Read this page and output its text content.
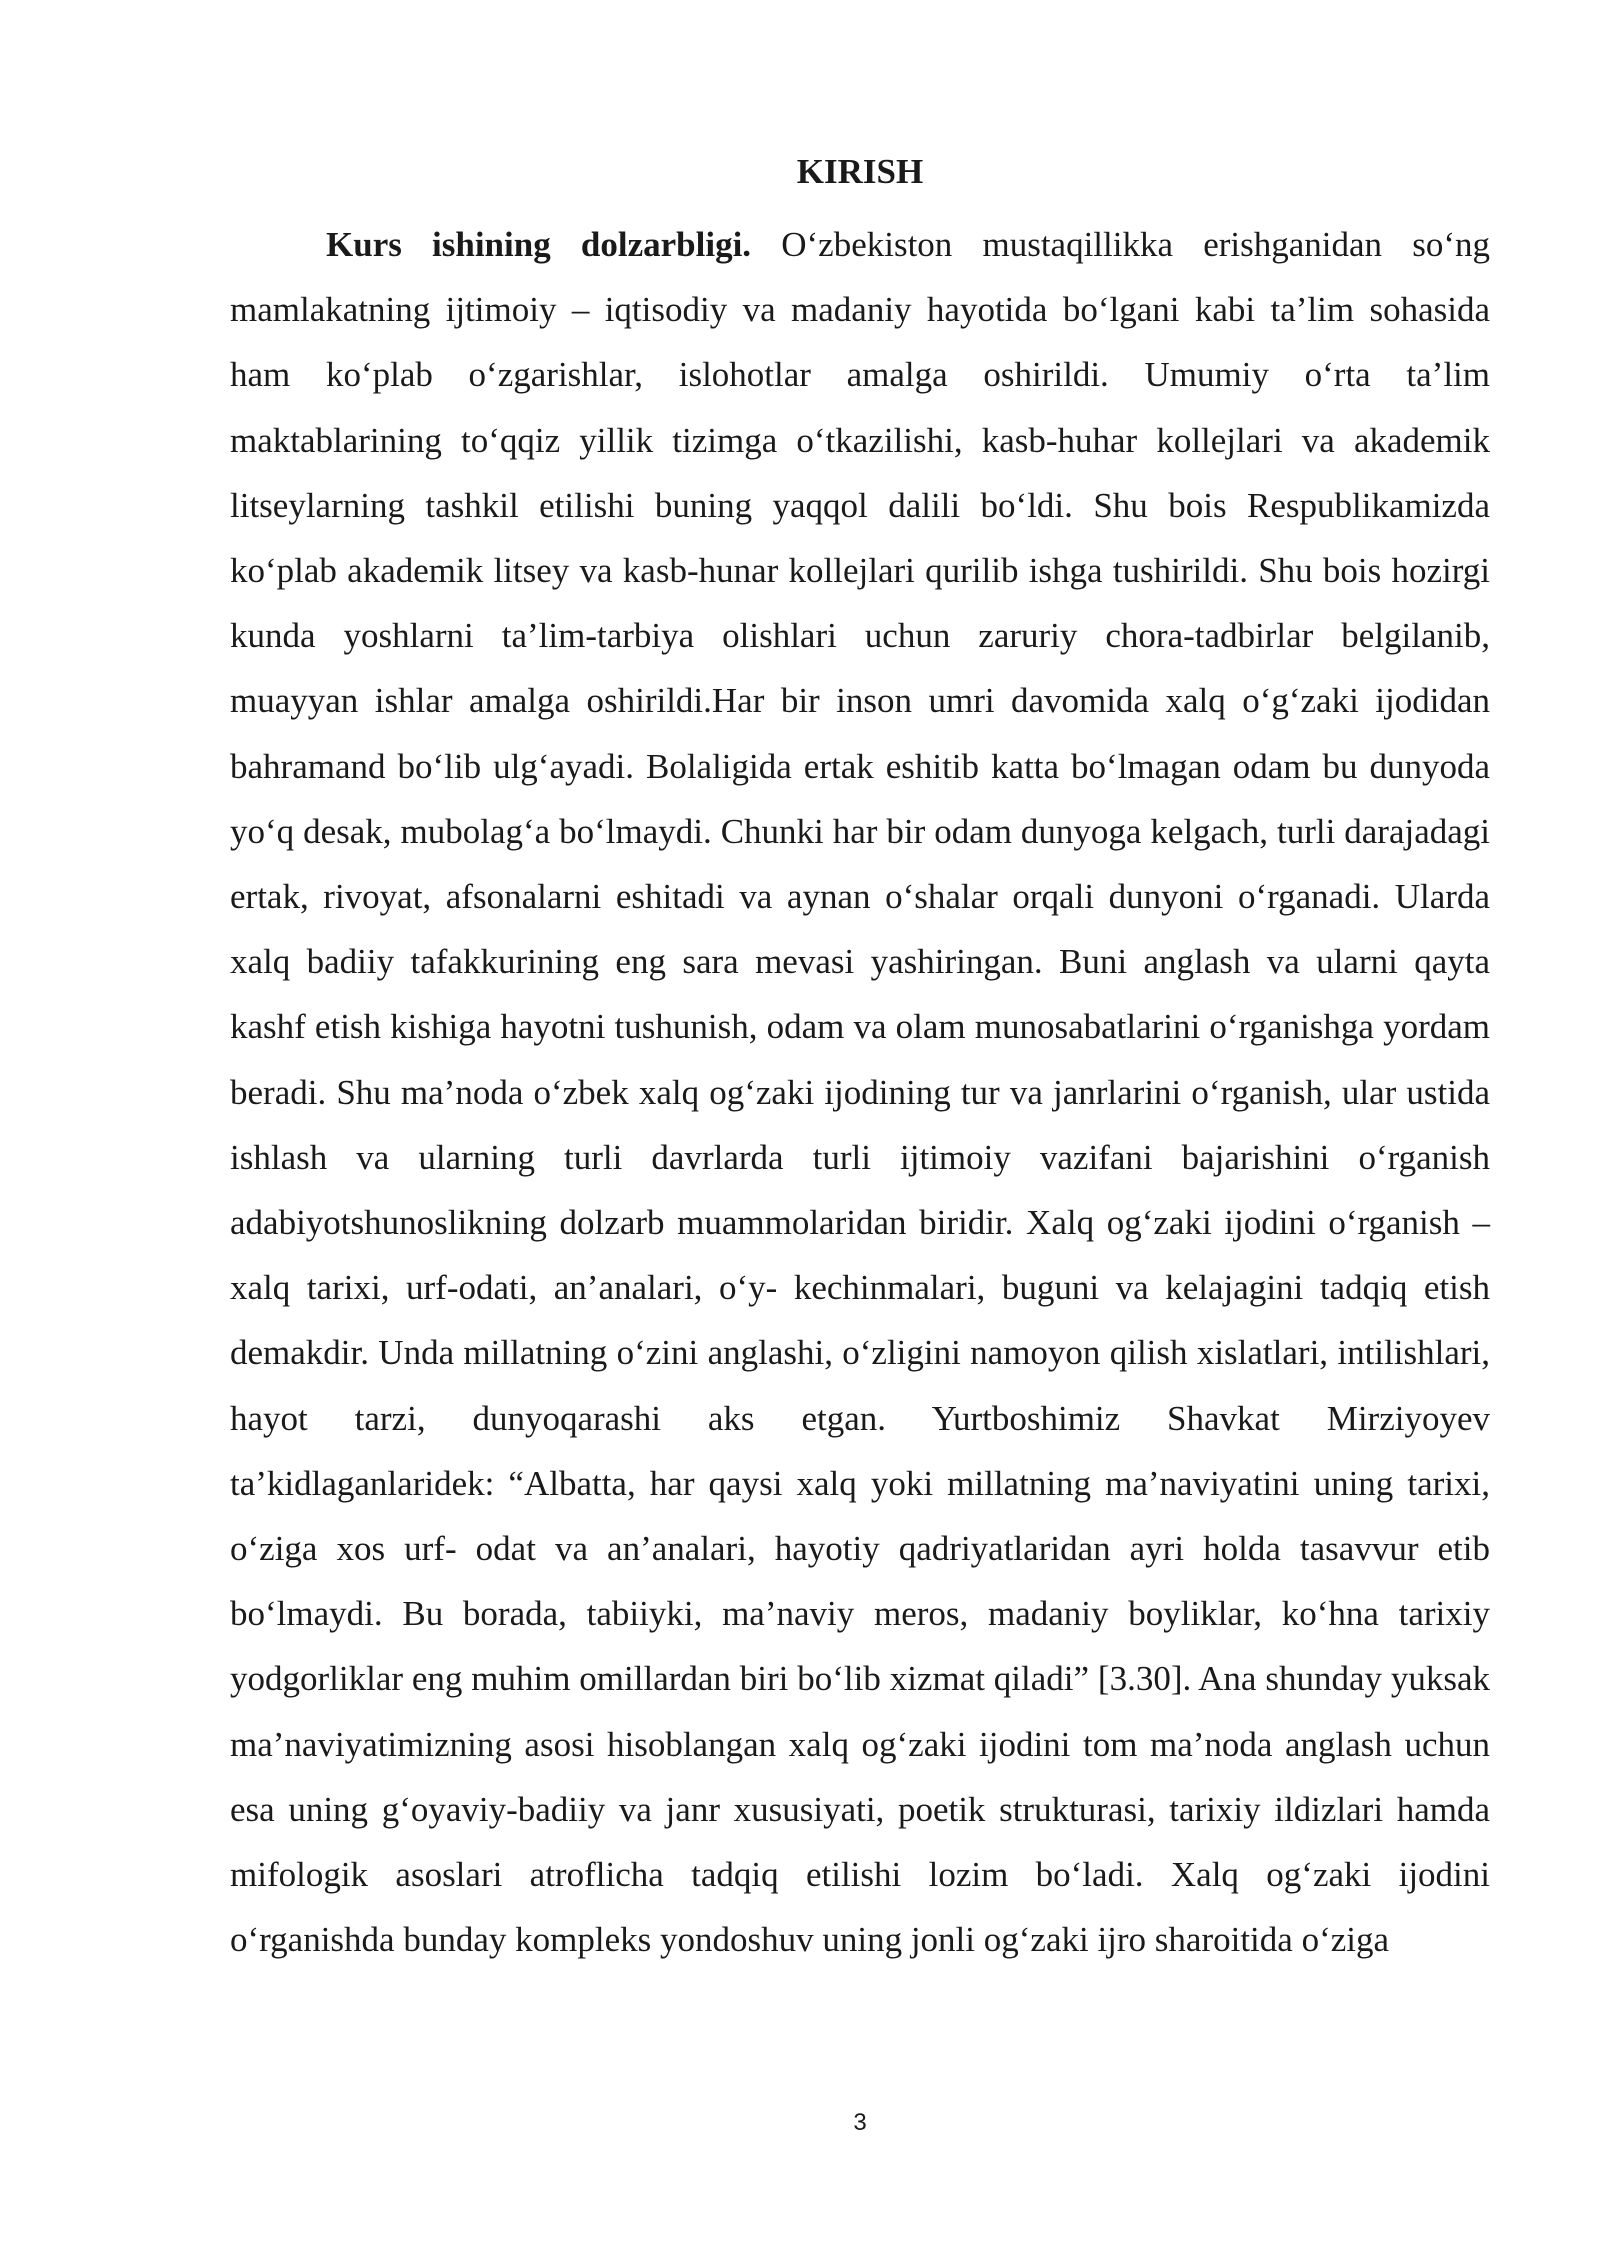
KIRISH

Kurs ishining dolzarbligi. O‘zbekiston mustaqillikka erishganidan so‘ng mamlakatning ijtimoiy – iqtisodiy va madaniy hayotida bo‘lgani kabi ta’lim sohasida ham ko‘plab o‘zgarishlar, islohotlar amalga oshirildi. Umumiy o‘rta ta’lim maktablarining to‘qqiz yillik tizimga o‘tkazilishi, kasb-huhar kollejlari va akademik litseylarning tashkil etilishi buning yaqqol dalili bo‘ldi. Shu bois Respublikamizda ko‘plab akademik litsey va kasb-hunar kollejlari qurilib ishga tushirildi. Shu bois hozirgi kunda yoshlarni ta’lim-tarbiya olishlari uchun zaruriy chora-tadbirlar belgilanib, muayyan ishlar amalga oshirildi.Har bir inson umri davomida xalq o‘g‘zaki ijodidan bahramand bo‘lib ulg‘ayadi. Bolaligida ertak eshitib katta bo‘lmagan odam bu dunyoda yo‘q desak, mubolag‘a bo‘lmaydi. Chunki har bir odam dunyoga kelgach, turli darajadagi ertak, rivoyat, afsonalarni eshitadi va aynan o‘shalar orqali dunyoni o‘rganadi. Ularda xalq badiiy tafakkurining eng sara mevasi yashiringan. Buni anglash va ularni qayta kashf etish kishiga hayotni tushunish, odam va olam munosabatlarini o‘rganishga yordam beradi. Shu ma’noda o‘zbek xalq og‘zaki ijodining tur va janrlarini o‘rganish, ular ustida ishlash va ularning turli davrlarda turli ijtimoiy vazifani bajarishini o‘rganish adabiyotshunoslikning dolzarb muammolaridan biridir. Xalq og‘zaki ijodini o‘rganish – xalq tarixi, urf-odati, an’analari, o‘y- kechinmalari, buguni va kelajagini tadqiq etish demakdir. Unda millatning o‘zini anglashi, o‘zligini namoyon qilish xislatlari, intilishlari, hayot tarzi, dunyoqarashi aks etgan. Yurtboshimiz Shavkat Mirziyoyev ta’kidlaganlaridek: “Albatta, har qaysi xalq yoki millatning ma’naviyatini uning tarixi, o‘ziga xos urf- odat va an’analari, hayotiy qadriyatlaridan ayri holda tasavvur etib bo‘lmaydi. Bu borada, tabiiyki, ma’naviy meros, madaniy boyliklar, ko‘hna tarixiy yodgorliklar eng muhim omillardan biri bo‘lib xizmat qiladi” [3.30]. Ana shunday yuksak ma’naviyatimizning asosi hisoblangan xalq og‘zaki ijodini tom ma’noda anglash uchun esa uning g‘oyaviy-badiiy va janr xususiyati, poetik strukturasi, tarixiy ildizlari hamda mifologik asoslari atroflicha tadqiq etilishi lozim bo‘ladi. Xalq og‘zaki ijodini o‘rganishda bunday kompleks yondoshuv uning jonli og‘zaki ijro sharoitida o‘ziga

3
